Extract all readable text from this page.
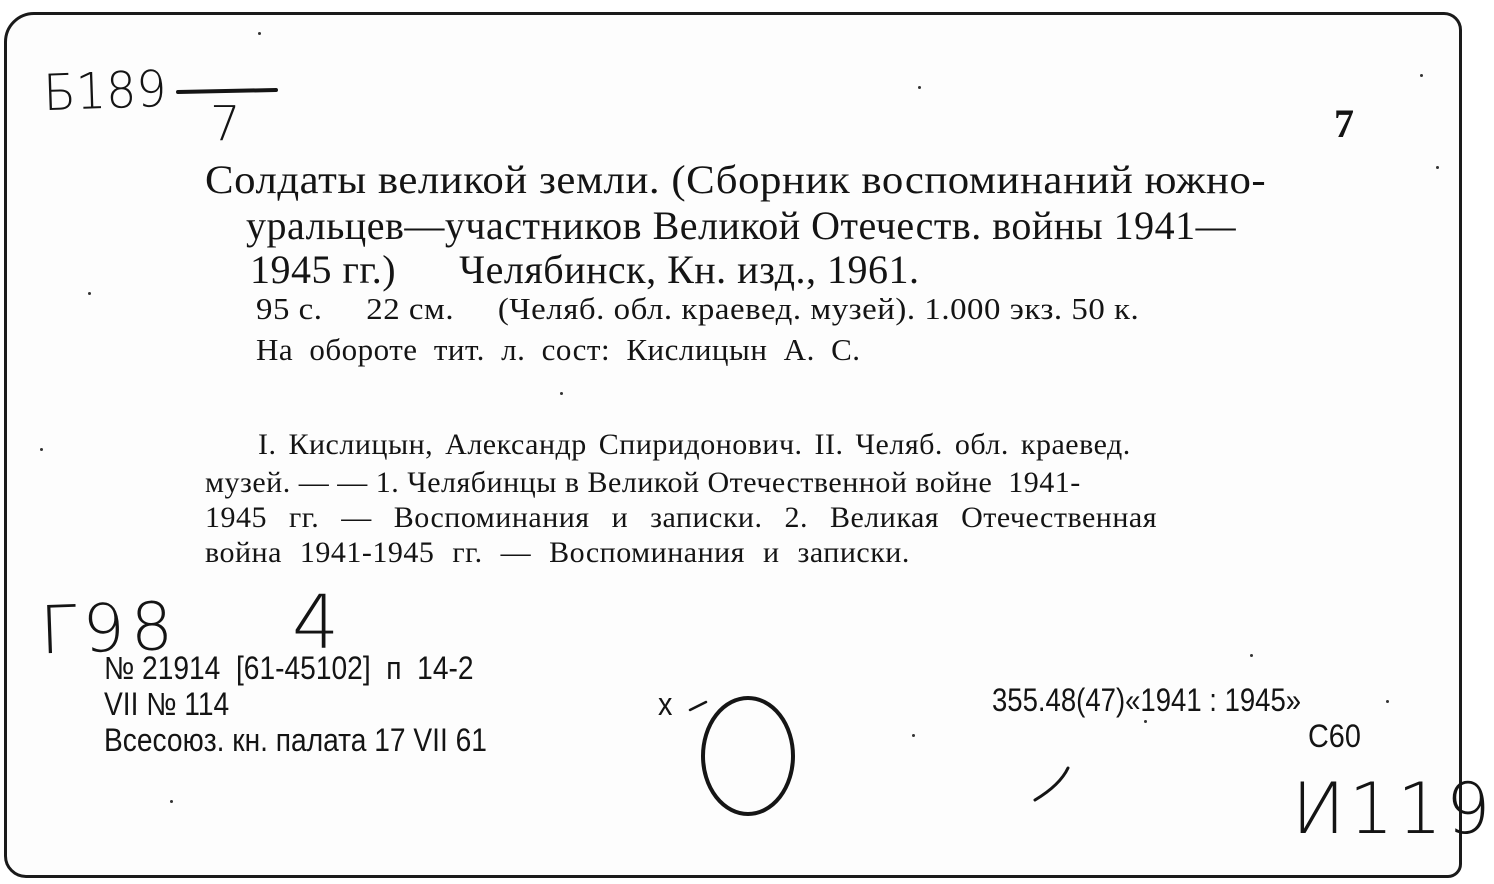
Б189
7	7
Солдаты великой земли. (Сборник воспоминаний южно-
уральцев—участников Великой Отечеств. войны 1941—
1945 гг.)      Челябинск, Кн. изд., 1961.
95 с.     22 см.     (Челяб. обл. краевед. музей). 1.000 экз. 50 к.
На обороте тит. л. сост: Кислицын А. С.
I. Кислицын, Александр Спиридонович. II. Челяб. обл. краевед.
музей. — — 1. Челябинцы в Великой Отечественной войне  1941-
1945 гг. — Воспоминания и записки. 2. Великая Отечественная
война 1941-1945 гг. — Воспоминания и записки.
Г98 4
№ 21914  [61-45102]  п  14-2
VII № 114
Всесоюз. кн. палата 17 VII 61
x	355.48(47)«1941 : 1945»
С60
И119
